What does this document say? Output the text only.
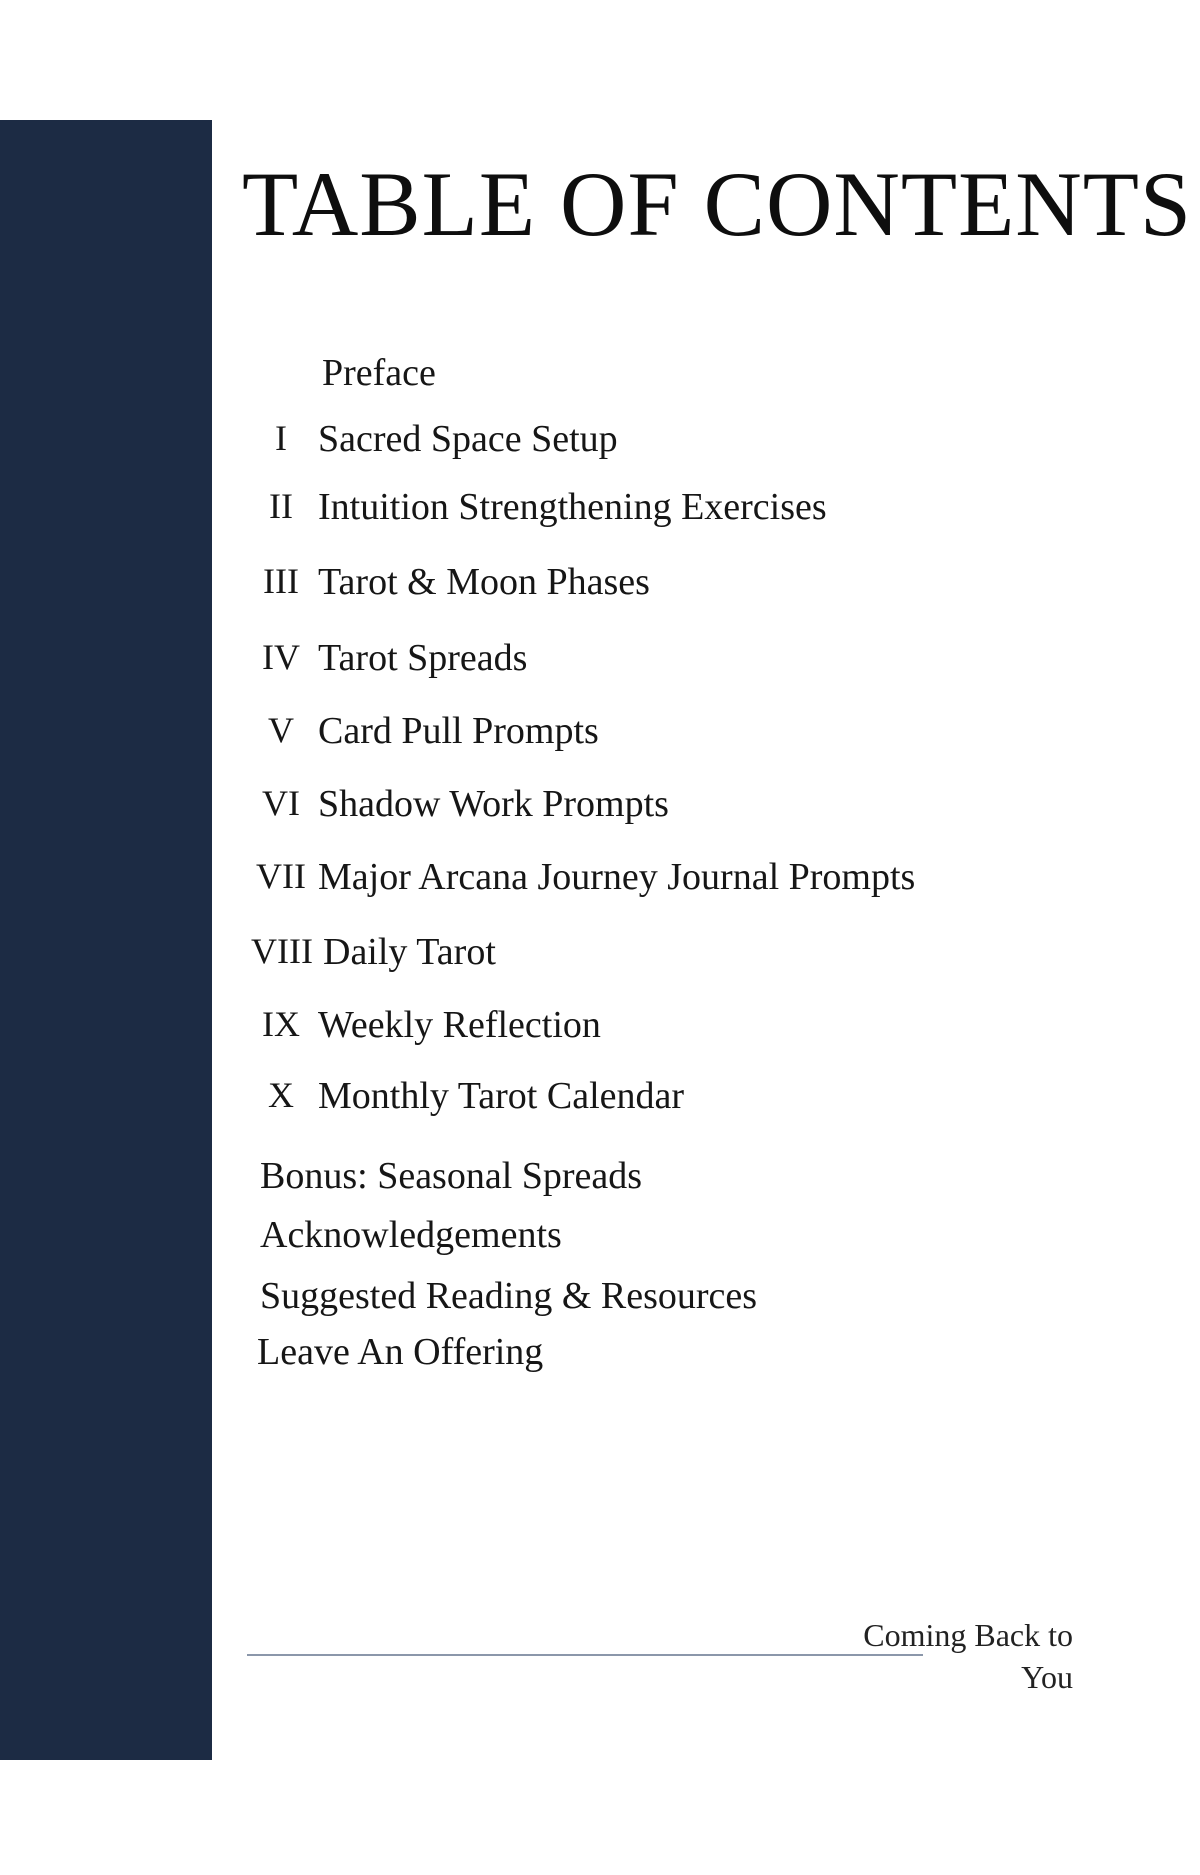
TABLE OF CONTENTS
Preface
I Sacred Space Setup
II Intuition Strengthening Exercises
III Tarot & Moon Phases
IV Tarot Spreads
V Card Pull Prompts
VI Shadow Work Prompts
VII Major Arcana Journey Journal Prompts
VIII Daily Tarot
IX Weekly Reflection
X Monthly Tarot Calendar
Bonus: Seasonal Spreads
Acknowledgements
Suggested Reading & Resources
Leave An Offering
Coming Back to
You
